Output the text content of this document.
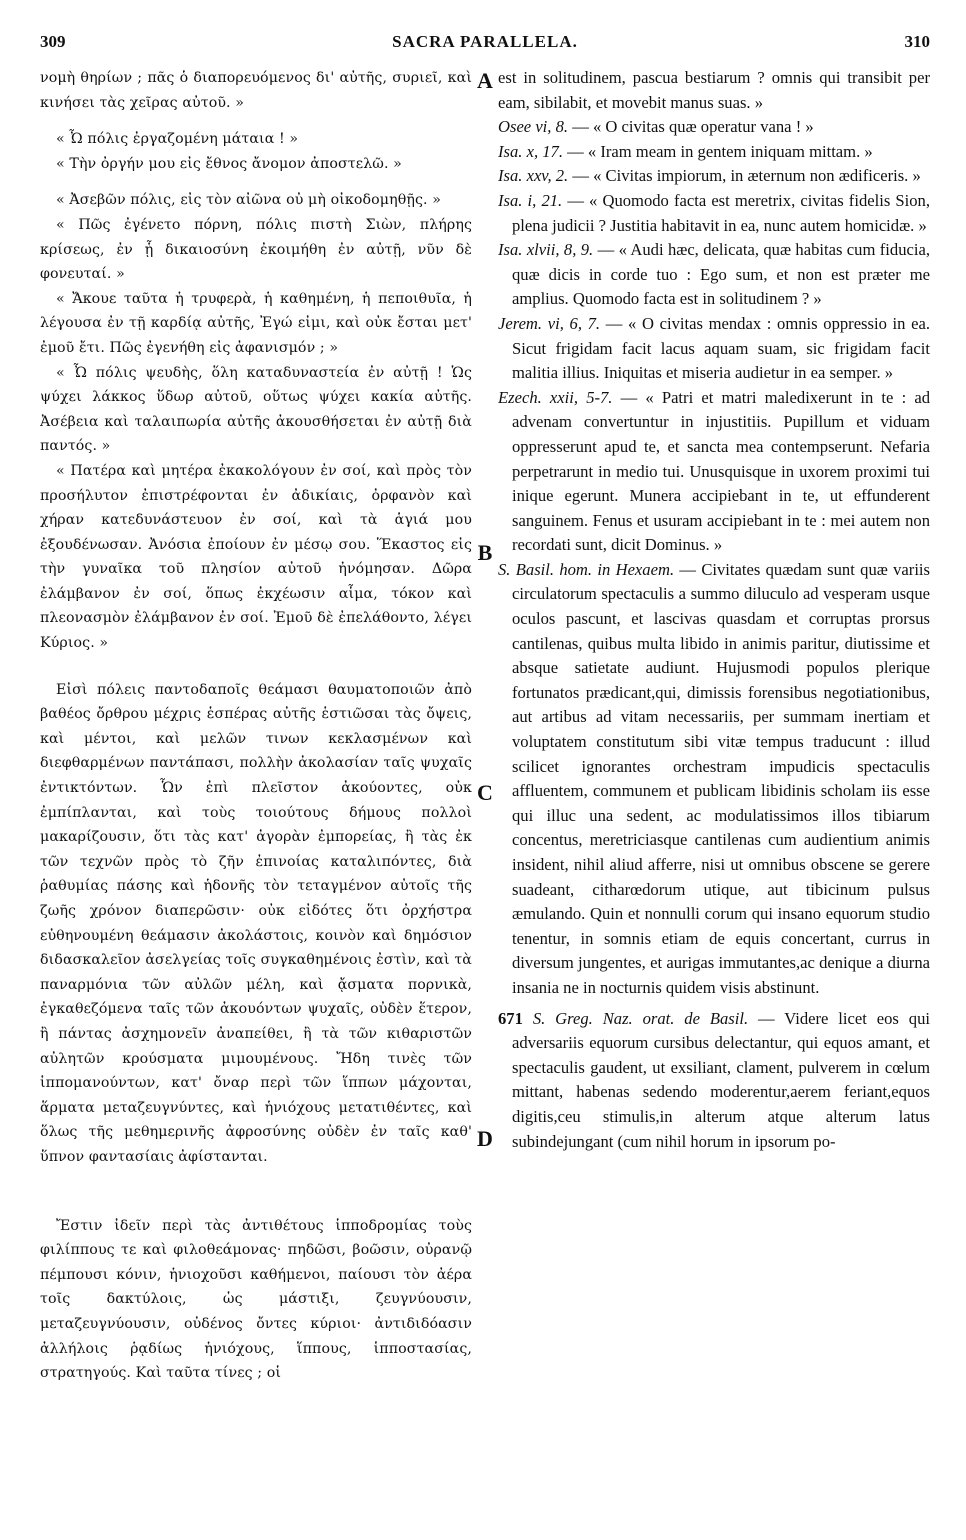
309	SACRA PARALLELA.	310

νομὴ θηρίων ; πᾶς ὁ διαπορευόμενος δι' αὐτῆς, συριεῖ, καὶ κινήσει τὰς χεῖρας αὐτοῦ. »

« Ὦ πόλις ἐργαζομένη μάταια ! »

« Τὴν ὀργήν μου εἰς ἔθνος ἄνομον ἀποστελῶ. »

« Ἀσεβῶν πόλις, εἰς τὸν αἰῶνα οὐ μὴ οἰκοδομηθῇς. »

« Πῶς ἐγένετο πόρνη, πόλις πιστὴ Σιὼν, πλήρης κρίσεως, ἐν ᾗ δικαιοσύνη ἐκοιμήθη ἐν αὐτῇ, νῦν δὲ φονευταί. »

« Ἄκουε ταῦτα ἡ τρυφερὰ, ἡ καθημένη, ἡ πεποιθυῖα, ἡ λέγουσα ἐν τῇ καρδίᾳ αὐτῆς, Ἐγώ εἰμι, καὶ οὐκ ἔσται μετ' ἐμοῦ ἔτι. Πῶς ἐγενήθη εἰς ἀφανισμόν ; »

« Ὦ πόλις ψευδὴς, ὅλη καταδυναστεία ἐν αὐτῇ ! Ὡς ψύχει λάκκος ὕδωρ αὐτοῦ, οὕτως ψύχει κακία αὐτῆς. Ἀσέβεια καὶ ταλαιπωρία αὐτῆς ἀκουσθήσεται ἐν αὐτῇ διὰ παντός. »

« Πατέρα καὶ μητέρα ἐκακολόγουν ἐν σοί, καὶ πρὸς τὸν προσήλυτον ἐπιστρέφονται ἐν ἀδικίαις, ὀρφανὸν καὶ χήραν κατεδυνάστευον ἐν σοί, καὶ τὰ ἁγιά μου ἐξουδένωσαν. Ἀνόσια ἐποίουν ἐν μέσῳ σου. Ἕκαστος εἰς τὴν γυναῖκα τοῦ πλησίον αὐτοῦ ἠνόμησαν. Δῶρα ἐλάμβανον ἐν σοί, ὅπως ἐκχέωσιν αἷμα, τόκον καὶ πλεονασμὸν ἐλάμβανον ἐν σοί. Ἐμοῦ δὲ ἐπελάθοντο, λέγει Κύριος. »

Εἰσὶ πόλεις παντοδαποῖς θεάμασι θαυματοποιῶν ἀπὸ βαθέος ὄρθρου μέχρις ἑσπέρας αὐτῆς ἑστιῶσαι τὰς ὄψεις, καὶ μέντοι, καὶ μελῶν τινων κεκλασμένων καὶ διεφθαρμένων παντάπασι, πολλὴν ἀκολασίαν ταῖς ψυχαῖς ἐντικτόντων. Ὧν ἐπὶ πλεῖστον ἀκούοντες, οὐκ ἐμπίπλανται, καὶ τοὺς τοιούτους δήμους πολλοὶ μακαρίζουσιν, ὅτι τὰς κατ' ἀγορὰν ἐμπορείας, ἢ τὰς ἐκ τῶν τεχνῶν πρὸς τὸ ζῆν ἐπινοίας καταλιπόντες, διὰ ῥαθυμίας πάσης καὶ ἡδονῆς τὸν τεταγμένον αὐτοῖς τῆς ζωῆς χρόνον διαπερῶσιν· οὐκ εἰδότες ὅτι ὀρχήστρα εὐθηνουμένη θεάμασιν ἀκολάστοις, κοινὸν καὶ δημόσιον διδασκαλεῖον ἀσελγείας τοῖς συγκαθημένοις ἐστὶν, καὶ τὰ παναρμόνια τῶν αὐλῶν μέλη, καὶ ᾄσματα πορνικὰ, ἐγκαθεζόμενα ταῖς τῶν ἀκουόντων ψυχαῖς, οὐδὲν ἕτερον, ἢ πάντας ἀσχημονεῖν ἀναπείθει, ἢ τὰ τῶν κιθαριστῶν αὐλητῶν κρούσματα μιμουμένους. Ἤδη τινὲς τῶν ἱππομανούντων, κατ' ὄναρ περὶ τῶν ἵππων μάχονται, ἅρματα μεταζευγνύντες, καὶ ἡνιόχους μετατιθέντες, καὶ ὅλως τῆς μεθημερινῆς ἀφροσύνης οὐδὲν ἐν ταῖς καθ' ὕπνον φαντασίαις ἀφίστανται.

Ἔστιν ἰδεῖν περὶ τὰς ἀντιθέτους ἱπποδρομίας τοὺς φιλίππους τε καὶ φιλοθεάμονας· πηδῶσι, βοῶσιν, οὐρανῷ πέμπουσι κόνιν, ἡνιοχοῦσι καθήμενοι, παίουσι τὸν ἀέρα τοῖς δακτύλοις, ὡς μάστιξι, ζευγνύουσιν, μεταζευγνύουσιν, οὐδένος ὄντες κύριοι· ἀντιδιδόασιν ἀλλήλοις ῥᾳδίως ἡνιόχους, ἵππους, ἱπποστασίας, στρατηγούς. Καὶ ταῦτα τίνες ; οἱ

A
B
C
D

est in solitudinem, pascua bestiarum ? omnis qui transibit per eam, sibilabit, et movebit manus suas. »

Osee vi, 8. — « O civitas quæ operatur vana ! »

Isa. x, 17. — « Iram meam in gentem iniquam mittam. »

Isa. xxv, 2. — « Civitas impiorum, in æternum non ædificeris. »

Isa. i, 21. — « Quomodo facta est meretrix, civitas fidelis Sion, plena judicii ? Justitia habitavit in ea, nunc autem homicidæ. »

Isa. xlvii, 8, 9. — « Audi hæc, delicata, quæ habitas cum fiducia, quæ dicis in corde tuo : Ego sum, et non est præter me amplius. Quomodo facta est in solitudinem ? »

Jerem. vi, 6, 7. — « O civitas mendax : omnis oppressio in ea. Sicut frigidam facit lacus aquam suam, sic frigidam facit malitia illius. Iniquitas et miseria audietur in ea semper. »

Ezech. xxii, 5-7. — « Patri et matri maledixerunt in te : ad advenam convertuntur in injustitiis. Pupillum et viduam oppresserunt apud te, et sancta mea contempserunt. Nefaria perpetrarunt in medio tui. Unusquisque in uxorem proximi tui inique egerunt. Munera accipiebant in te, ut effunderent sanguinem. Fenus et usuram accipiebant in te : mei autem non recordati sunt, dicit Dominus. »

S. Basil. hom. in Hexaem. — Civitates quædam sunt quæ variis circulatorum spectaculis a summo diluculo ad vesperam usque oculos pascunt, et lascivas quasdam et corruptas prorsus cantilenas, quibus multa libido in animis paritur, diutissime et absque satietate audiunt. Hujusmodi populos plerique fortunatos prædicant,qui, dimissis forensibus negotiationibus, aut artibus ad vitam necessariis, per summam inertiam et voluptatem constitutum sibi vitæ tempus traducunt : illud scilicet ignorantes orchestram impudicis spectaculis affluentem, communem et publicam libidinis scholam iis esse qui illuc una sedent, ac modulatissimos illos tibiarum concentus, meretriciasque cantilenas cum audientium animis insident, nihil aliud afferre, nisi ut omnibus obscene se gerere suadeant, citharœdorum utique, aut tibicinum pulsus æmulando. Quin et nonnulli corum qui insano equorum studio tenentur, in somnis etiam de equis concertant, currus in diversum jungentes, et aurigas immutantes,ac denique a diurna insania ne in nocturnis quidem visis abstinunt.

671 S. Greg. Naz. orat. de Basil. — Videre licet eos qui adversariis equorum cursibus delectantur, qui equos amant, et spectaculis gaudent, ut exsiliant, clament, pulverem in cœlum mittant, habenas sedendo moderentur,aerem feriant,equos digitis,ceu stimulis,in alterum atque alterum latus subindejungant (cum nihil horum in ipsorum po-
